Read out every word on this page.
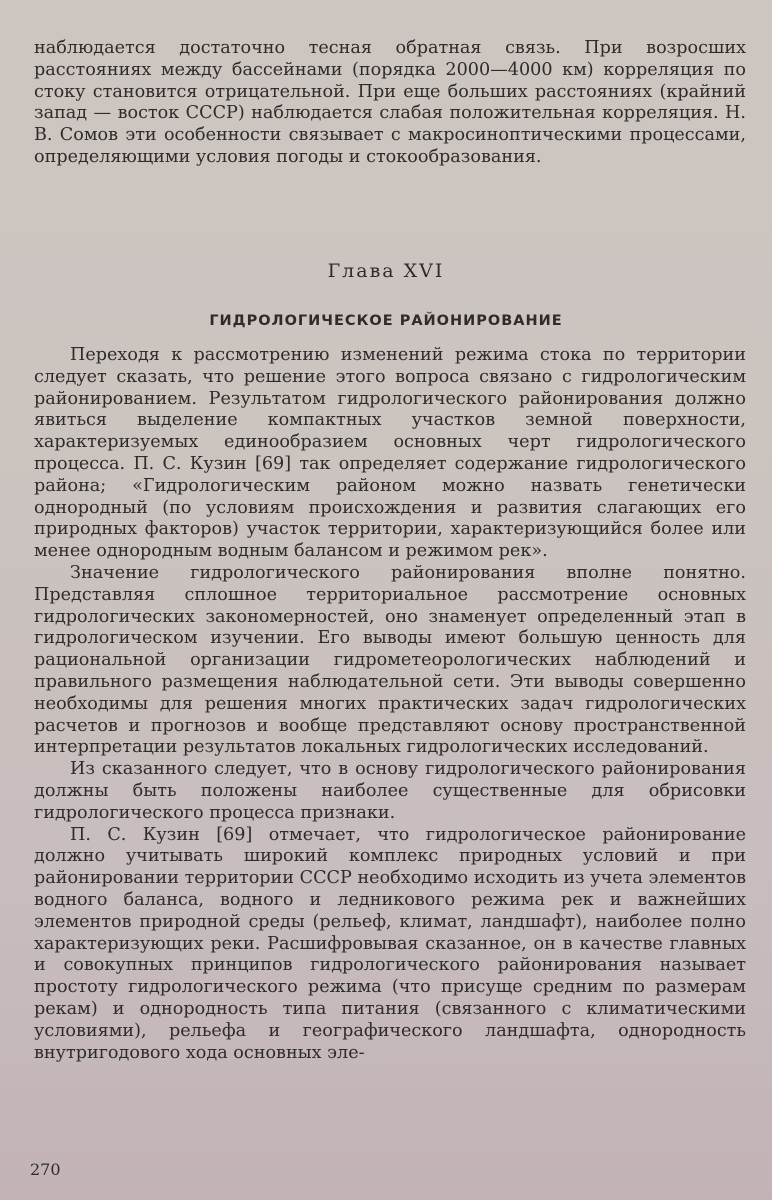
наблюдается достаточно тесная обратная связь. При возросших расстояниях между бассейнами (порядка 2000—4000 км) корреляция по стоку становится отрицательной. При еще больших расстояниях (крайний запад — восток СССР) наблюдается слабая положительная корреляция. Н. В. Сомов эти особенности связывает с макросиноптическими процессами, определяющими условия погоды и стокообразования.

Глава XVI
ГИДРОЛОГИЧЕСКОЕ РАЙОНИРОВАНИЕ

Переходя к рассмотрению изменений режима стока по территории следует сказать, что решение этого вопроса связано с гидрологическим районированием. Результатом гидрологического районирования должно явиться выделение компактных участков земной поверхности, характеризуемых единообразием основных черт гидрологического процесса. П. С. Кузин [69] так определяет содержание гидрологического района; «Гидрологическим районом можно назвать генетически однородный (по условиям происхождения и развития слагающих его природных факторов) участок территории, характеризующийся более или менее однородным водным балансом и режимом рек».

Значение гидрологического районирования вполне понятно. Представляя сплошное территориальное рассмотрение основных гидрологических закономерностей, оно знаменует определенный этап в гидрологическом изучении. Его выводы имеют большую ценность для рациональной организации гидрометеорологических наблюдений и правильного размещения наблюдательной сети. Эти выводы совершенно необходимы для решения многих практических задач гидрологических расчетов и прогнозов и вообще представляют основу пространственной интерпретации результатов локальных гидрологических исследований.

Из сказанного следует, что в основу гидрологического районирования должны быть положены наиболее существенные для обрисовки гидрологического процесса признаки.

П. С. Кузин [69] отмечает, что гидрологическое районирование должно учитывать широкий комплекс природных условий и при районировании территории СССР необходимо исходить из учета элементов водного баланса, водного и ледникового режима рек и важнейших элементов природной среды (рельеф, климат, ландшафт), наиболее полно характеризующих реки. Расшифровывая сказанное, он в качестве главных и совокупных принципов гидрологического районирования называет простоту гидрологического режима (что присуще средним по размерам рекам) и однородность типа питания (связанного с климатическими условиями), рельефа и географического ландшафта, однородность внутригодового хода основных эле-

270
